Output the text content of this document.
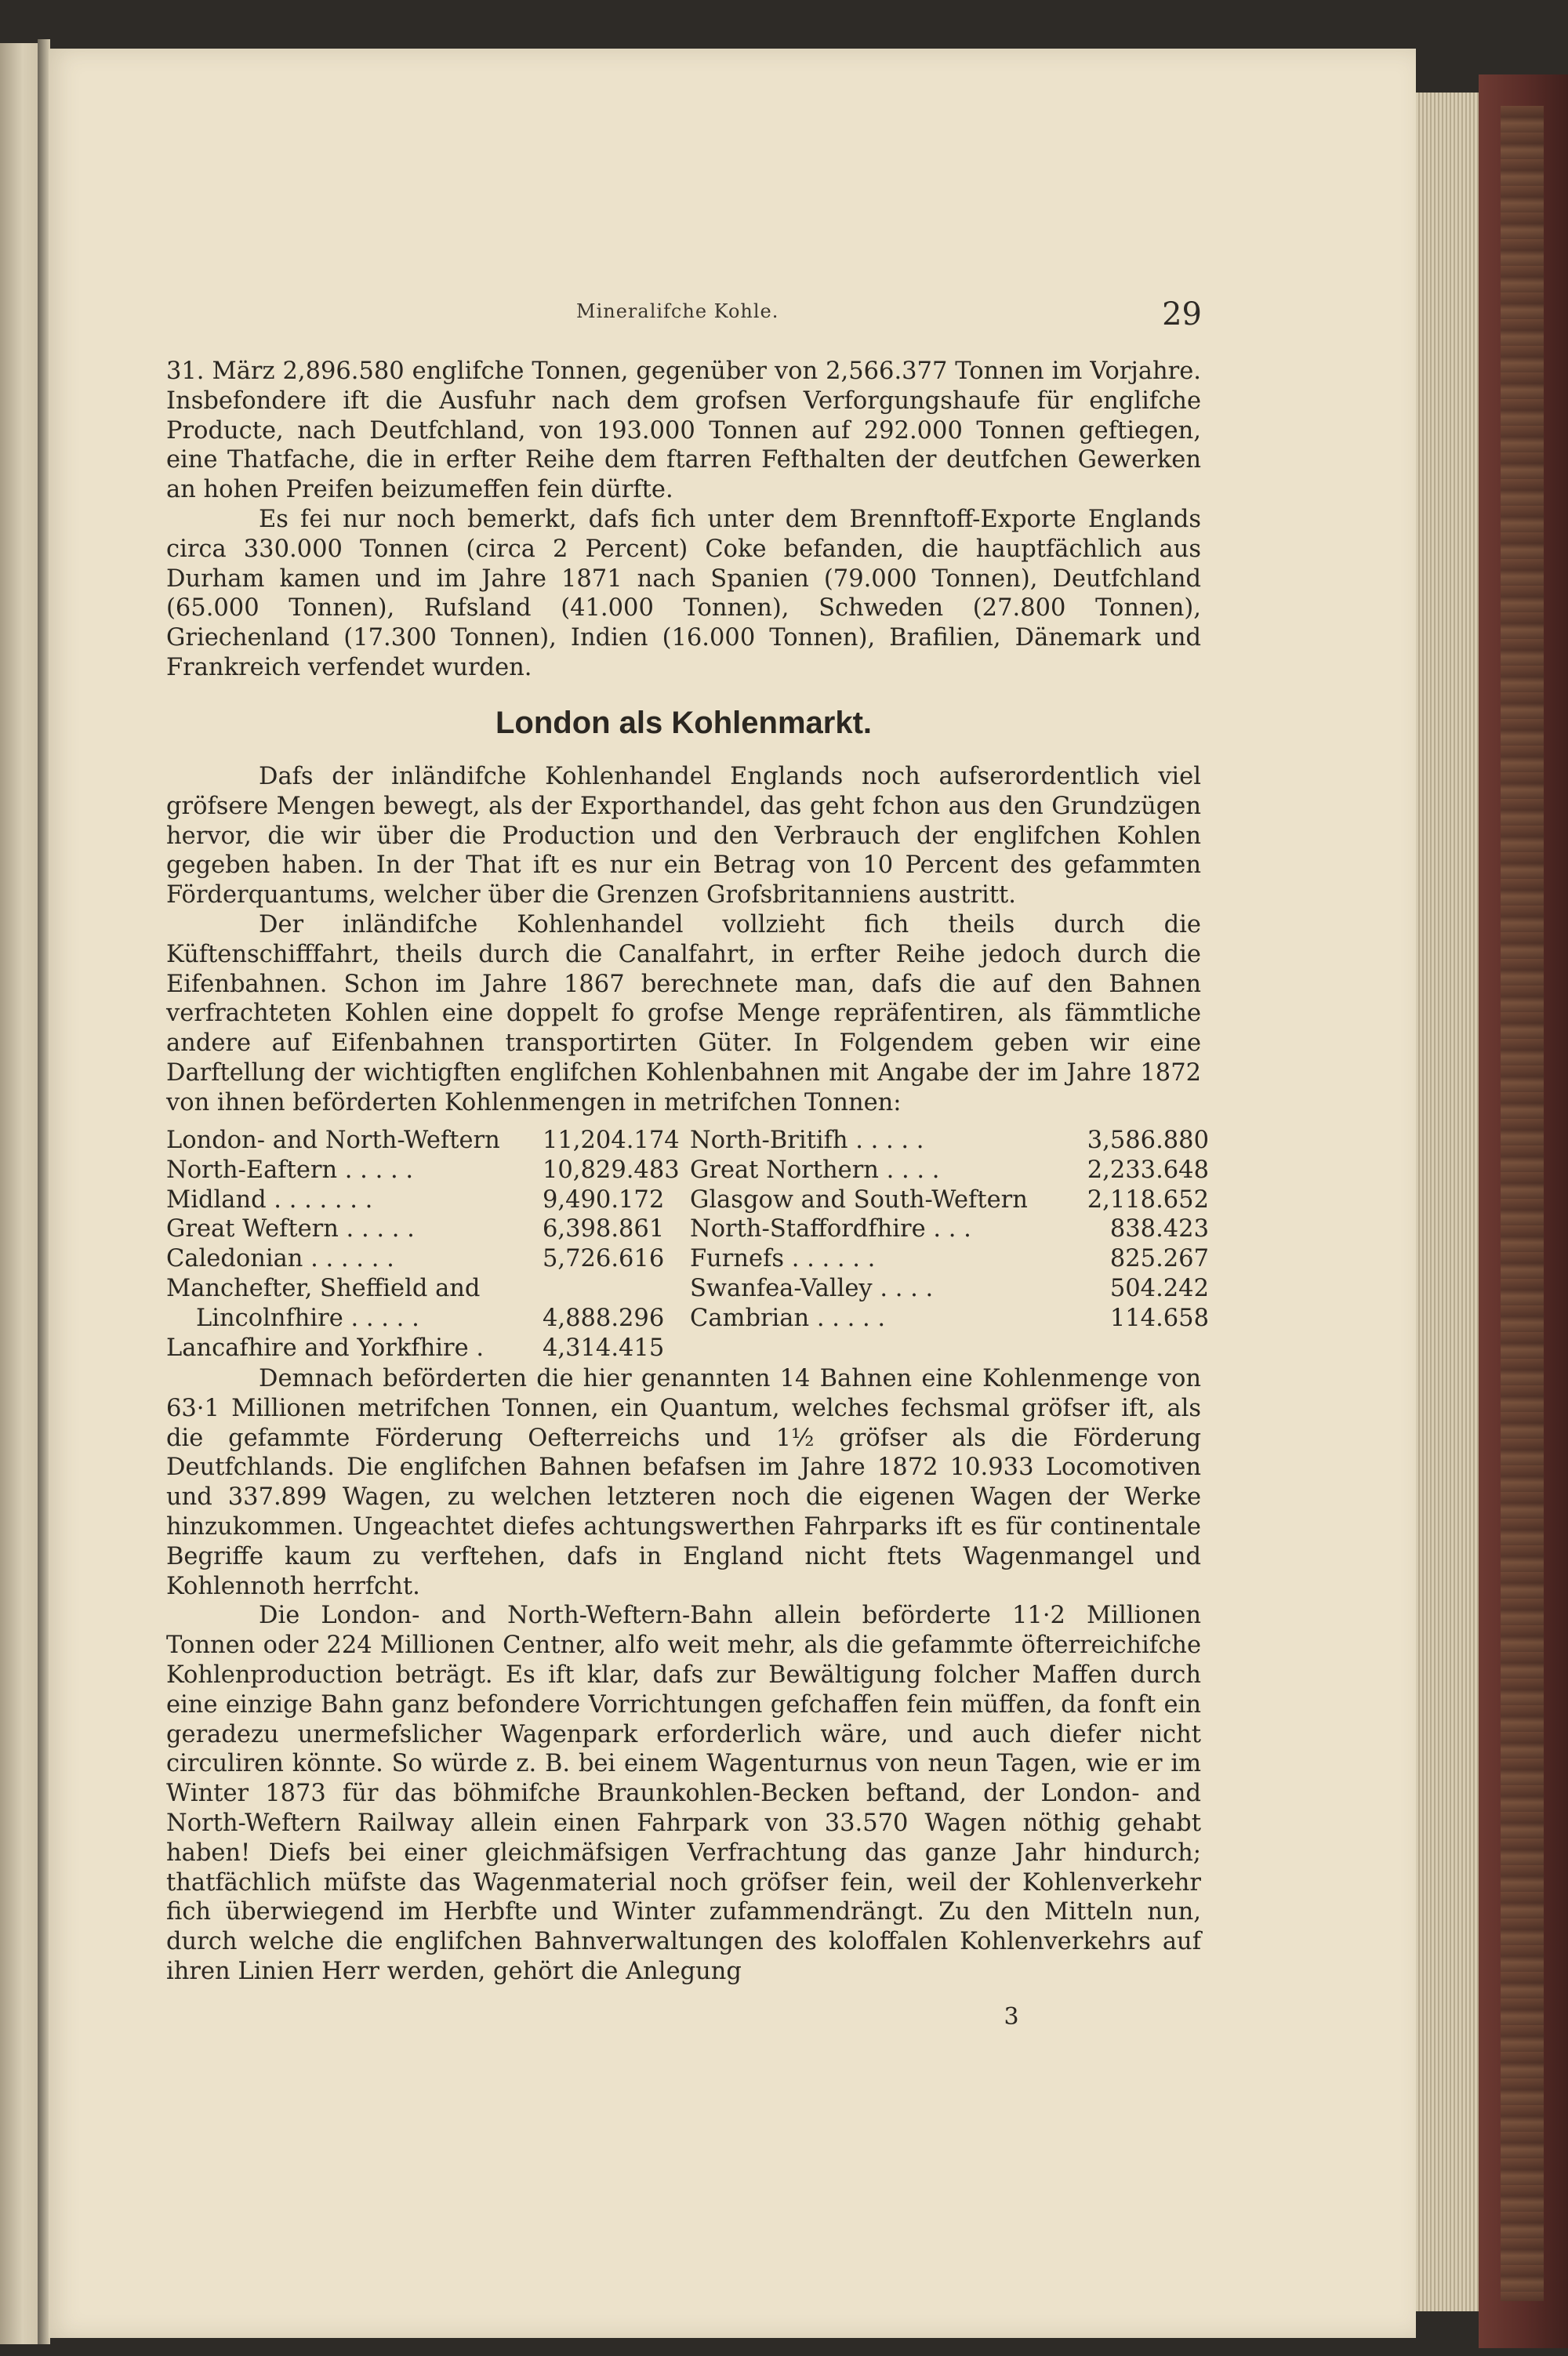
Mineralifche Kohle.	29

31. März 2,896.580 englifche Tonnen, gegenüber von 2,566.377 Tonnen im Vorjahre. Insbefondere ift die Ausfuhr nach dem grofsen Verforgungshaufe für englifche Producte, nach Deutfchland, von 193.000 Tonnen auf 292.000 Tonnen geftiegen, eine Thatfache, die in erfter Reihe dem ftarren Fefthalten der deutfchen Gewerken an hohen Preifen beizumeffen fein dürfte.

Es fei nur noch bemerkt, dafs fich unter dem Brennftoff-Exporte Englands circa 330.000 Tonnen (circa 2 Percent) Coke befanden, die hauptfächlich aus Durham kamen und im Jahre 1871 nach Spanien (79.000 Tonnen), Deutfchland (65.000 Tonnen), Rufsland (41.000 Tonnen), Schweden (27.800 Tonnen), Griechenland (17.300 Tonnen), Indien (16.000 Tonnen), Brafilien, Dänemark und Frankreich verfendet wurden.

London als Kohlenmarkt.

Dafs der inländifche Kohlenhandel Englands noch aufserordentlich viel gröfsere Mengen bewegt, als der Exporthandel, das geht fchon aus den Grundzügen hervor, die wir über die Production und den Verbrauch der englifchen Kohlen gegeben haben. In der That ift es nur ein Betrag von 10 Percent des gefammten Förderquantums, welcher über die Grenzen Grofsbritanniens austritt.

Der inländifche Kohlenhandel vollzieht fich theils durch die Küftenschifffahrt, theils durch die Canalfahrt, in erfter Reihe jedoch durch die Eifenbahnen. Schon im Jahre 1867 berechnete man, dafs die auf den Bahnen verfrachteten Kohlen eine doppelt fo grofse Menge repräfentiren, als fämmtliche andere auf Eifenbahnen transportirten Güter. In Folgendem geben wir eine Darftellung der wichtigften englifchen Kohlenbahnen mit Angabe der im Jahre 1872 von ihnen beförderten Kohlenmengen in metrifchen Tonnen:

London- and North-Weftern	11,204.174 North-Britifh . . . . .	3,586.880
North-Eaftern . . . . .	10,829.483 Great Northern . . . .	2,233.648
Midland . . . . . . .	9,490.172	Glasgow and South-Weftern	2,118.652
Great Weftern . . . . .	6,398.861	North-Staffordfhire . . .	838.423
Caledonian . . . . . .	5,726.616	Furnefs . . . . . .	825.267
Manchefter, Sheffield and	Swanfea-Valley . . . .	504.242
Lincolnfhire . . . . .	4,888.296	Cambrian . . . . .	114.658
Lancafhire and Yorkfhire .	4,314.415

Demnach beförderten die hier genannten 14 Bahnen eine Kohlenmenge von 63·1 Millionen metrifchen Tonnen, ein Quantum, welches fechsmal gröfser ift, als die gefammte Förderung Oefterreichs und 1½ gröfser als die Förderung Deutfchlands. Die englifchen Bahnen befafsen im Jahre 1872 10.933 Locomotiven und 337.899 Wagen, zu welchen letzteren noch die eigenen Wagen der Werke hinzukommen. Ungeachtet diefes achtungswerthen Fahrparks ift es für continentale Begriffe kaum zu verftehen, dafs in England nicht ftets Wagenmangel und Kohlennoth herrfcht.

Die London- and North-Weftern-Bahn allein beförderte 11·2 Millionen Tonnen oder 224 Millionen Centner, alfo weit mehr, als die gefammte öfterreichifche Kohlenproduction beträgt. Es ift klar, dafs zur Bewältigung folcher Maffen durch eine einzige Bahn ganz befondere Vorrichtungen gefchaffen fein müffen, da fonft ein geradezu unermefslicher Wagenpark erforderlich wäre, und auch diefer nicht circuliren könnte. So würde z. B. bei einem Wagenturnus von neun Tagen, wie er im Winter 1873 für das böhmifche Braunkohlen-Becken beftand, der London- and North-Weftern Railway allein einen Fahrpark von 33.570 Wagen nöthig gehabt haben! Diefs bei einer gleichmäfsigen Verfrachtung das ganze Jahr hindurch; thatfächlich müfste das Wagenmaterial noch gröfser fein, weil der Kohlenverkehr fich überwiegend im Herbfte und Winter zufammendrängt. Zu den Mitteln nun, durch welche die englifchen Bahnverwaltungen des koloffalen Kohlenverkehrs auf ihren Linien Herr werden, gehört die Anlegung

3
